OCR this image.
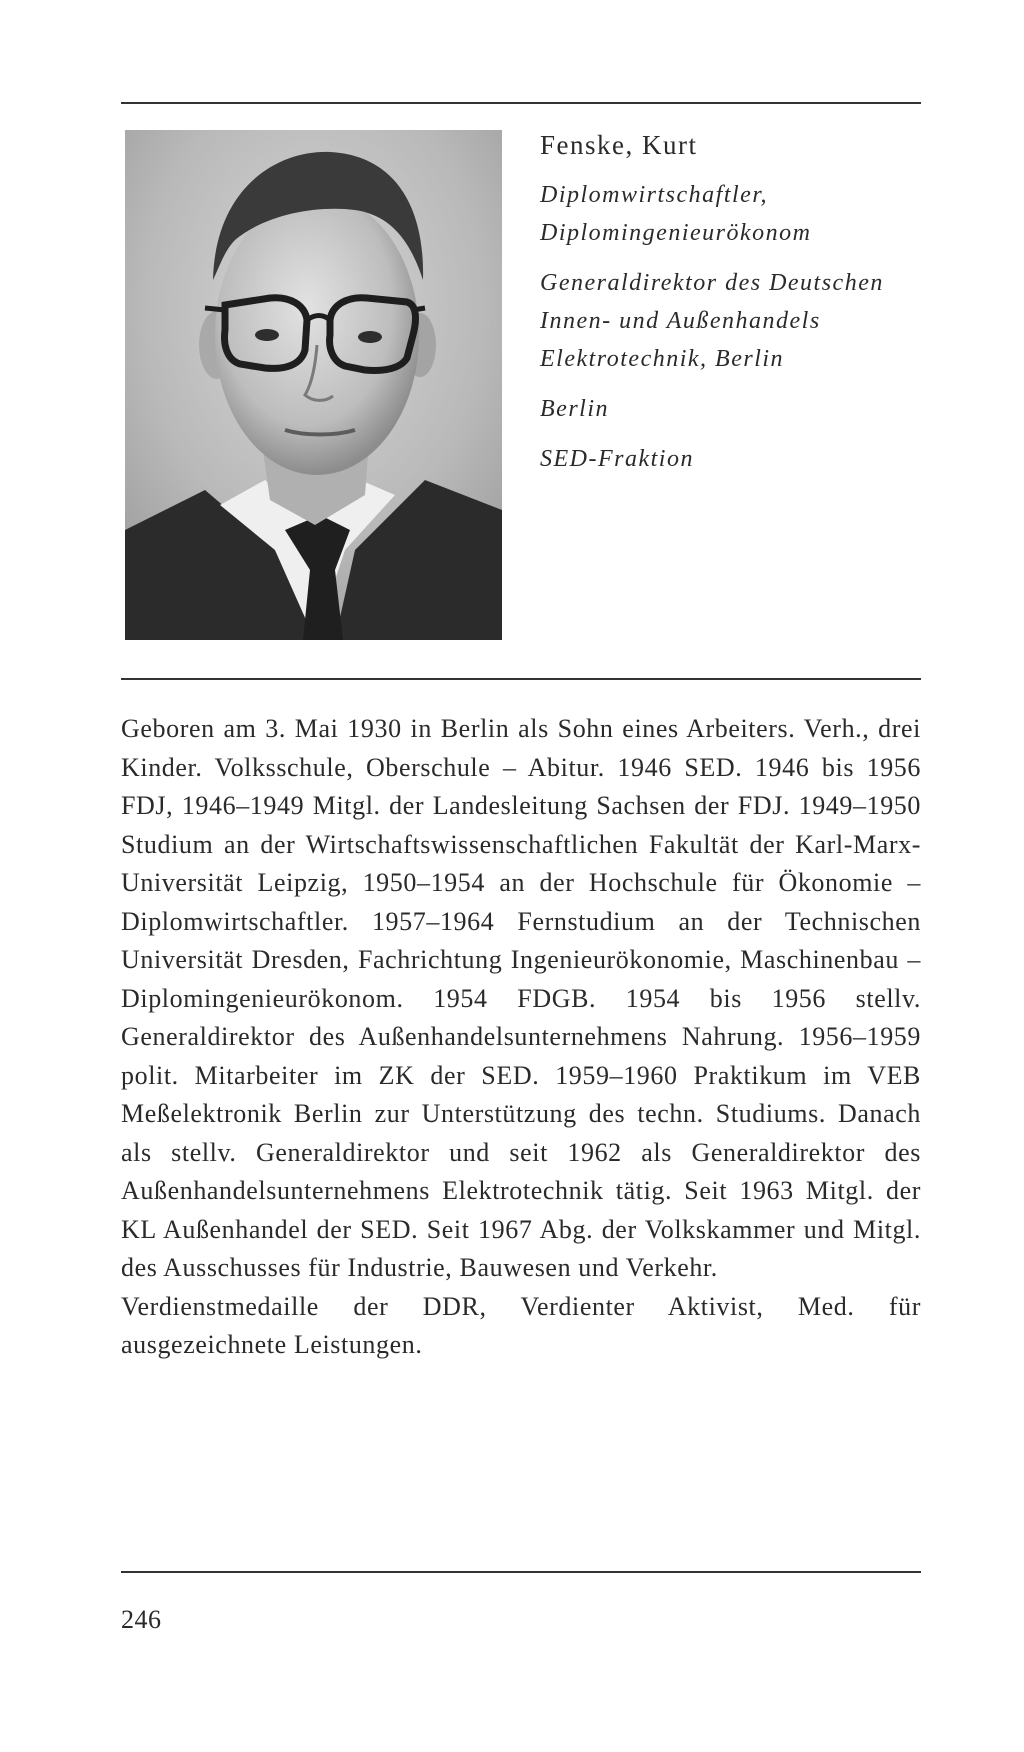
Fenske, Kurt
Diplomwirtschaftler,
Diplomingenieurökonom
Generaldirektor des Deutschen
Innen- und Außenhandels
Elektrotechnik, Berlin
Berlin
SED-Fraktion

Geboren am 3. Mai 1930 in Berlin als Sohn eines Arbeiters. Verh., drei Kinder. Volksschule, Oberschule – Abitur. 1946 SED. 1946 bis 1956 FDJ, 1946–1949 Mitgl. der Landesleitung Sachsen der FDJ. 1949–1950 Studium an der Wirtschaftswissenschaftlichen Fakultät der Karl-Marx-Universität Leipzig, 1950–1954 an der Hochschule für Ökonomie – Diplomwirtschaftler. 1957–1964 Fernstudium an der Technischen Universität Dresden, Fachrichtung Ingenieurökonomie, Maschinenbau – Diplomingenieurökonom. 1954 FDGB. 1954 bis 1956 stellv. Generaldirektor des Außenhandelsunternehmens Nahrung. 1956–1959 polit. Mitarbeiter im ZK der SED. 1959–1960 Praktikum im VEB Meßelektronik Berlin zur Unterstützung des techn. Studiums. Danach als stellv. Generaldirektor und seit 1962 als Generaldirektor des Außenhandelsunternehmens Elektrotechnik tätig. Seit 1963 Mitgl. der KL Außenhandel der SED. Seit 1967 Abg. der Volkskammer und Mitgl. des Ausschusses für Industrie, Bauwesen und Verkehr.

Verdienstmedaille der DDR, Verdienter Aktivist, Med. für ausgezeichnete Leistungen.

246
